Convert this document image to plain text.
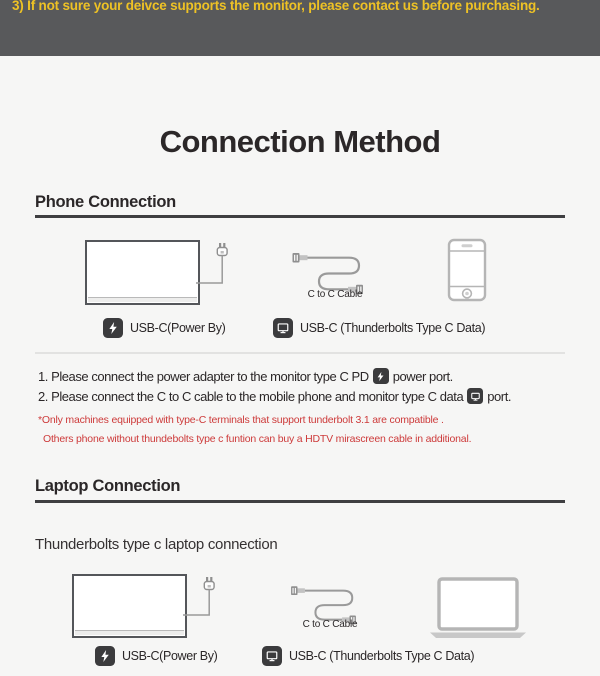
3) If not sure your deivce supports the monitor, please contact us before purchasing.
Connection Method
Phone Connection
C to C Cable
USB-C(Power By)	USB-C (Thunderbolts Type C Data)
1. Please connect the power adapter to the monitor type C PD power port.
2. Please connect the C to C cable to the mobile phone and monitor type C data port.
*Only machines equipped with type-C terminals that support tunderbolt 3.1 are compatible .
Others phone without thundebolts type c funtion can buy a HDTV mirascreen cable in additional.
Laptop Connection
Thunderbolts type c laptop connection
C to C Cable
USB-C(Power By)	USB-C (Thunderbolts Type C Data)
